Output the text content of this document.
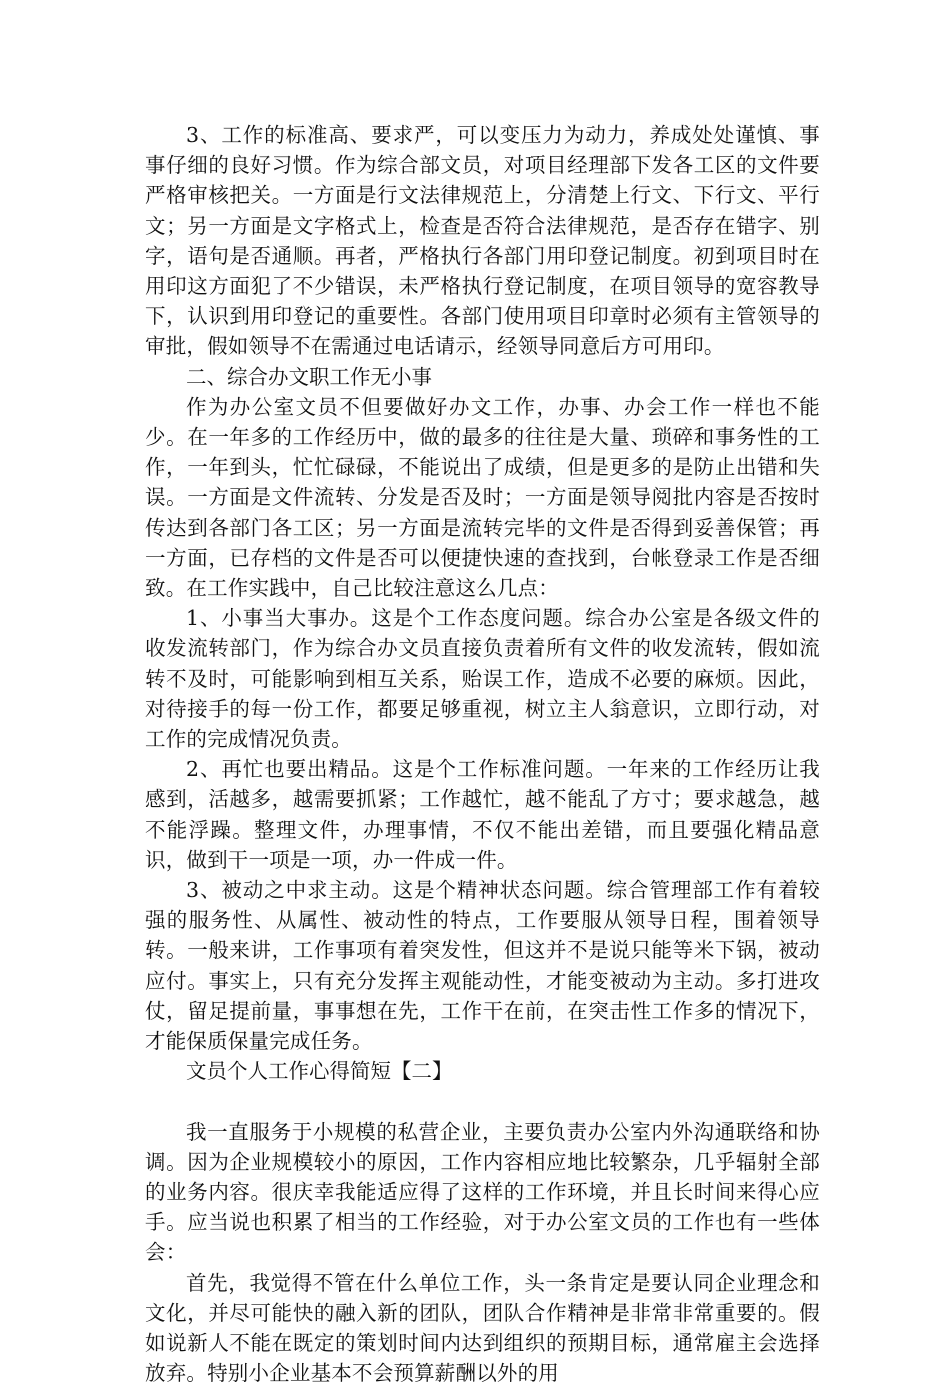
3、工作的标准高、要求严，可以变压力为动力，养成处处谨慎、事事仔细的良好习惯。作为综合部文员，对项目经理部下发各工区的文件要严格审核把关。一方面是行文法律规范上，分清楚上行文、下行文、平行文；另一方面是文字格式上，检查是否符合法律规范，是否存在错字、别字，语句是否通顺。再者，严格执行各部门用印登记制度。初到项目时在用印这方面犯了不少错误，未严格执行登记制度，在项目领导的宽容教导下，认识到用印登记的重要性。各部门使用项目印章时必须有主管领导的审批，假如领导不在需通过电话请示，经领导同意后方可用印。

二、综合办文职工作无小事

作为办公室文员不但要做好办文工作，办事、办会工作一样也不能少。在一年多的工作经历中，做的最多的往往是大量、琐碎和事务性的工作，一年到头，忙忙碌碌，不能说出了成绩，但是更多的是防止出错和失误。一方面是文件流转、分发是否及时；一方面是领导阅批内容是否按时传达到各部门各工区；另一方面是流转完毕的文件是否得到妥善保管；再一方面，已存档的文件是否可以便捷快速的查找到，台帐登录工作是否细致。在工作实践中，自己比较注意这么几点：

1、小事当大事办。这是个工作态度问题。综合办公室是各级文件的收发流转部门，作为综合办文员直接负责着所有文件的收发流转，假如流转不及时，可能影响到相互关系，贻误工作，造成不必要的麻烦。因此，对待接手的每一份工作，都要足够重视，树立主人翁意识，立即行动，对工作的完成情况负责。

2、再忙也要出精品。这是个工作标准问题。一年来的工作经历让我感到，活越多，越需要抓紧；工作越忙，越不能乱了方寸；要求越急，越不能浮躁。整理文件，办理事情，不仅不能出差错，而且要强化精品意识，做到干一项是一项，办一件成一件。

3、被动之中求主动。这是个精神状态问题。综合管理部工作有着较强的服务性、从属性、被动性的特点，工作要服从领导日程，围着领导转。一般来讲，工作事项有着突发性，但这并不是说只能等米下锅，被动应付。事实上，只有充分发挥主观能动性，才能变被动为主动。多打进攻仗，留足提前量，事事想在先，工作干在前，在突击性工作多的情况下，才能保质保量完成任务。

文员个人工作心得简短【二】

我一直服务于小规模的私营企业，主要负责办公室内外沟通联络和协调。因为企业规模较小的原因，工作内容相应地比较繁杂，几乎辐射全部的业务内容。很庆幸我能适应得了这样的工作环境，并且长时间来得心应手。应当说也积累了相当的工作经验，对于办公室文员的工作也有一些体会：

首先，我觉得不管在什么单位工作，头一条肯定是要认同企业理念和文化，并尽可能快的融入新的团队，团队合作精神是非常非常重要的。假如说新人不能在既定的策划时间内达到组织的预期目标，通常雇主会选择放弃。特别小企业基本不会预算薪酬以外的用
